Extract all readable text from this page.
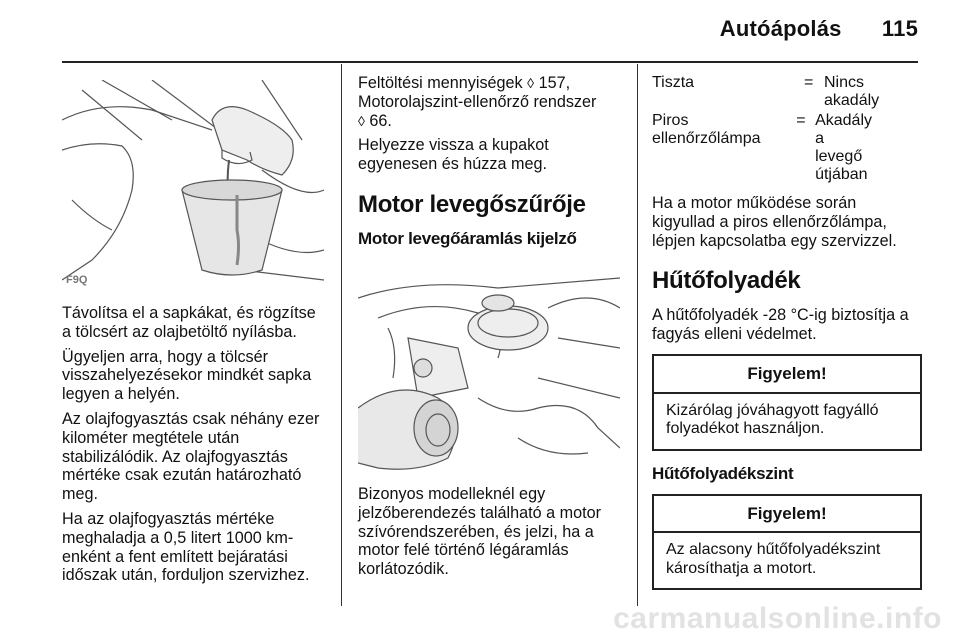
Autóápolás 115
F9Q

Távolítsa el a sapkákat, és rögzítse a tölcsért az olajbetöltő nyílásba.

Ügyeljen arra, hogy a tölcsér visszahelyezésekor mindkét sapka legyen a helyén.

Az olajfogyasztás csak néhány ezer kilométer megtétele után stabilizálódik. Az olajfogyasztás mértéke csak ezután határozható meg.

Ha az olajfogyasztás mértéke meghaladja a 0,5 litert 1000 km-enként a fent említett bejáratási időszak után, forduljon szervizhez.

Feltöltési mennyiségek ◊ 157,
Motorolajszint-ellenőrző rendszer
◊ 66.

Helyezze vissza a kupakot egyenesen és húzza meg.

Motor levegőszűrője
Motor levegőáramlás kijelző

Bizonyos modelleknél egy jelzőberendezés található a motor szívórendszerében, és jelzi, ha a motor felé történő légáramlás korlátozódik.

Tiszta	= Nincs akadály
Piros ellenőrzőlámpa
= Akadály a levegő útjában

Ha a motor működése során kigyullad a piros ellenőrzőlámpa, lépjen kapcsolatba egy szervizzel.

Hűtőfolyadék

A hűtőfolyadék -28 °C-ig biztosítja a fagyás elleni védelmet.

Figyelem!
Kizárólag jóváhagyott fagyálló folyadékot használjon.
Hűtőfolyadékszint
Figyelem!
Az alacsony hűtőfolyadékszint károsíthatja a motort.
carmanualsonline.info
